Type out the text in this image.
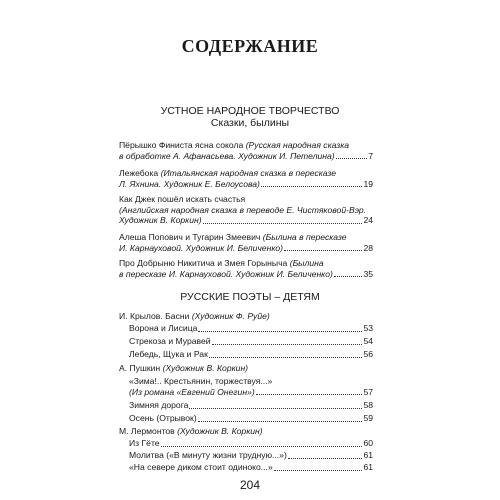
СОДЕРЖАНИЕ
УСТНОЕ НАРОДНОЕ ТВОРЧЕСТВО
Сказки, былины
Пёрышко Финиста ясна сокола (Русская народная сказка
в обработке А. Афанасьева. Художник И. Петелина)	7
Лежебока (Итальянская народная сказка в пересказе
Л. Яхнина. Художник Е. Белоусова)	19
Как Джек пошёл искать счастья
(Английская народная сказка в переводе Е. Чистяковой-Вэр.
Художник В. Коркин)	24
Алеша Попович и Тугарин Змеевич (Былина в пересказе
И. Карнауховой. Художник И. Беличенко)	28
Про Добрыню Никитича и Змея Горыныча (Былина
в пересказе И. Карнауховой. Художник И. Беличенко)	35
РУССКИЕ ПОЭТЫ – ДЕТЯМ
И. Крылов. Басни (Художник Ф. Руйе)
Ворона и Лисица	53
Стрекоза и Муравей	54
Лебедь, Щука и Рак	56
А. Пушкин (Художник В. Коркин)
«Зима!.. Крестьянин, торжествуя...»
(Из романа «Евгений Онегин»)	57
Зимняя дорога	58
Осень (Отрывок)	59
М. Лермонтов (Художник В. Коркин)
Из Гёте	60
Молитва («В минуту жизни трудную...»)	61
«На севере диком стоит одиноко...»	61
204
